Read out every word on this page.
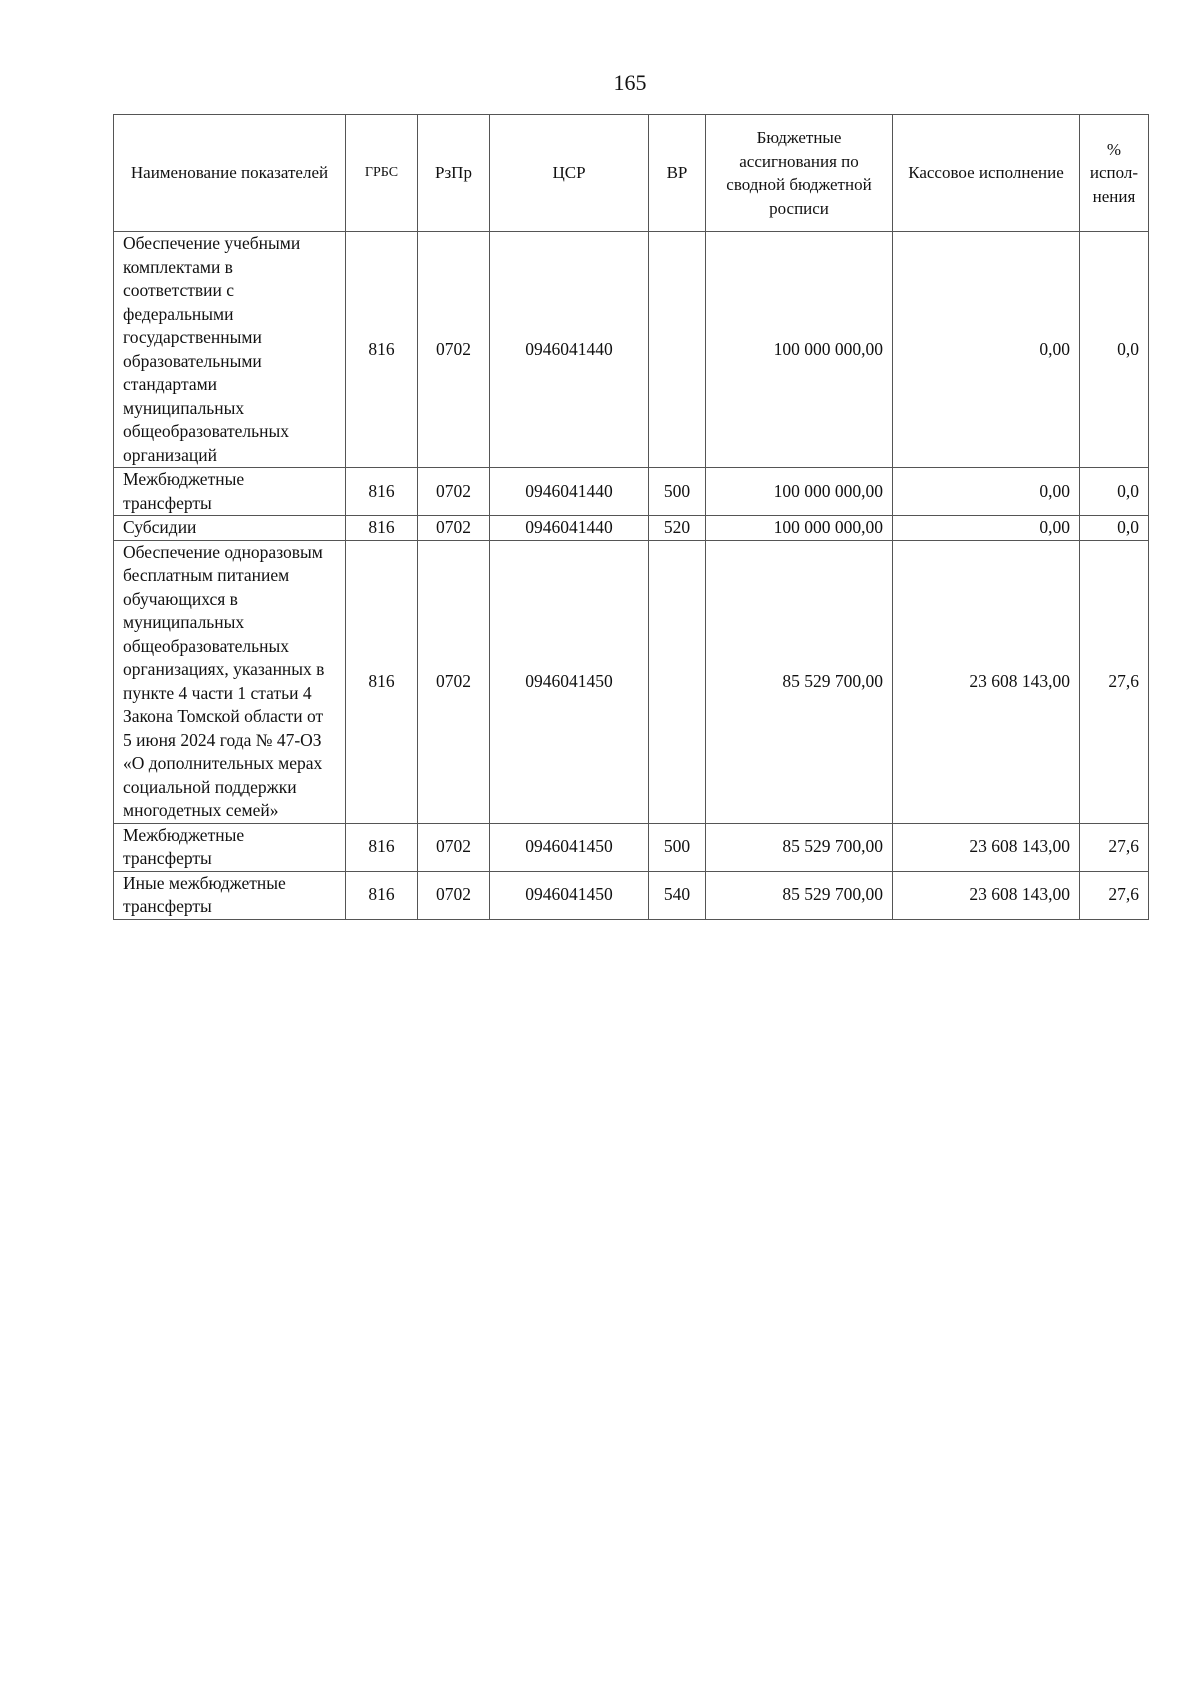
165
Наименование показателей	ГРБС	РзПр	ЦСР	ВР	Бюджетные ассигнования по сводной бюджетной росписи	Кассовое исполнение	% испол-нения
Обеспечение учебными комплектами в соответствии с федеральными государственными образовательными стандартами муниципальных общеобразовательных организаций	816	0702	0946041440		100 000 000,00	0,00	0,0
Межбюджетные трансферты	816	0702	0946041440	500	100 000 000,00	0,00	0,0
Субсидии	816	0702	0946041440	520	100 000 000,00	0,00	0,0
Обеспечение одноразовым бесплатным питанием обучающихся в муниципальных общеобразовательных организациях, указанных в пункте 4 части 1 статьи 4 Закона Томской области от 5 июня 2024 года № 47-ОЗ «О дополнительных мерах социальной поддержки многодетных семей»	816	0702	0946041450		85 529 700,00	23 608 143,00	27,6
Межбюджетные трансферты	816	0702	0946041450	500	85 529 700,00	23 608 143,00	27,6
Иные межбюджетные трансферты	816	0702	0946041450	540	85 529 700,00	23 608 143,00	27,6
